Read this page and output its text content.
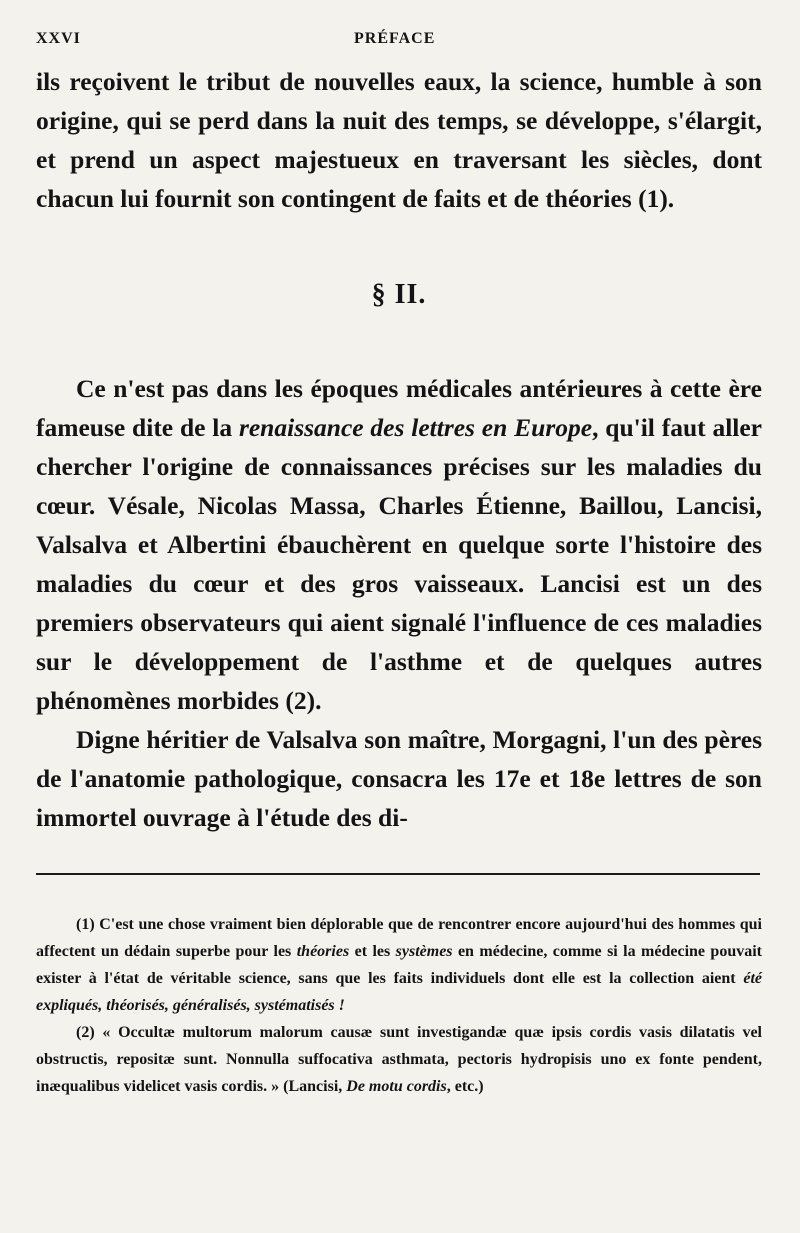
XXVI	PRÉFACE

ils reçoivent le tribut de nouvelles eaux, la science, humble à son origine, qui se perd dans la nuit des temps, se développe, s'élargit, et prend un aspect majestueux en traversant les siècles, dont chacun lui fournit son contingent de faits et de théories (1).

§ II.

Ce n'est pas dans les époques médicales antérieures à cette ère fameuse dite de la renaissance des lettres en Europe, qu'il faut aller chercher l'origine de connaissances précises sur les maladies du cœur. Vésale, Nicolas Massa, Charles Étienne, Baillou, Lancisi, Valsalva et Albertini ébauchèrent en quelque sorte l'histoire des maladies du cœur et des gros vaisseaux. Lancisi est un des premiers observateurs qui aient signalé l'influence de ces maladies sur le développement de l'asthme et de quelques autres phénomènes morbides (2).

Digne héritier de Valsalva son maître, Morgagni, l'un des pères de l'anatomie pathologique, consacra les 17e et 18e lettres de son immortel ouvrage à l'étude des di-

(1) C'est une chose vraiment bien déplorable que de rencontrer encore aujourd'hui des hommes qui affectent un dédain superbe pour les théories et les systèmes en médecine, comme si la médecine pouvait exister à l'état de véritable science, sans que les faits individuels dont elle est la collection aient été expliqués, théorisés, généralisés, systématisés !

(2) « Occultæ multorum malorum causæ sunt investigandæ quæ ipsis cordis vasis dilatatis vel obstructis, repositæ sunt. Nonnulla suffocativa asthmata, pectoris hydropisis uno ex fonte pendent, inæqualibus videlicet vasis cordis. » (Lancisi, De motu cordis, etc.)
